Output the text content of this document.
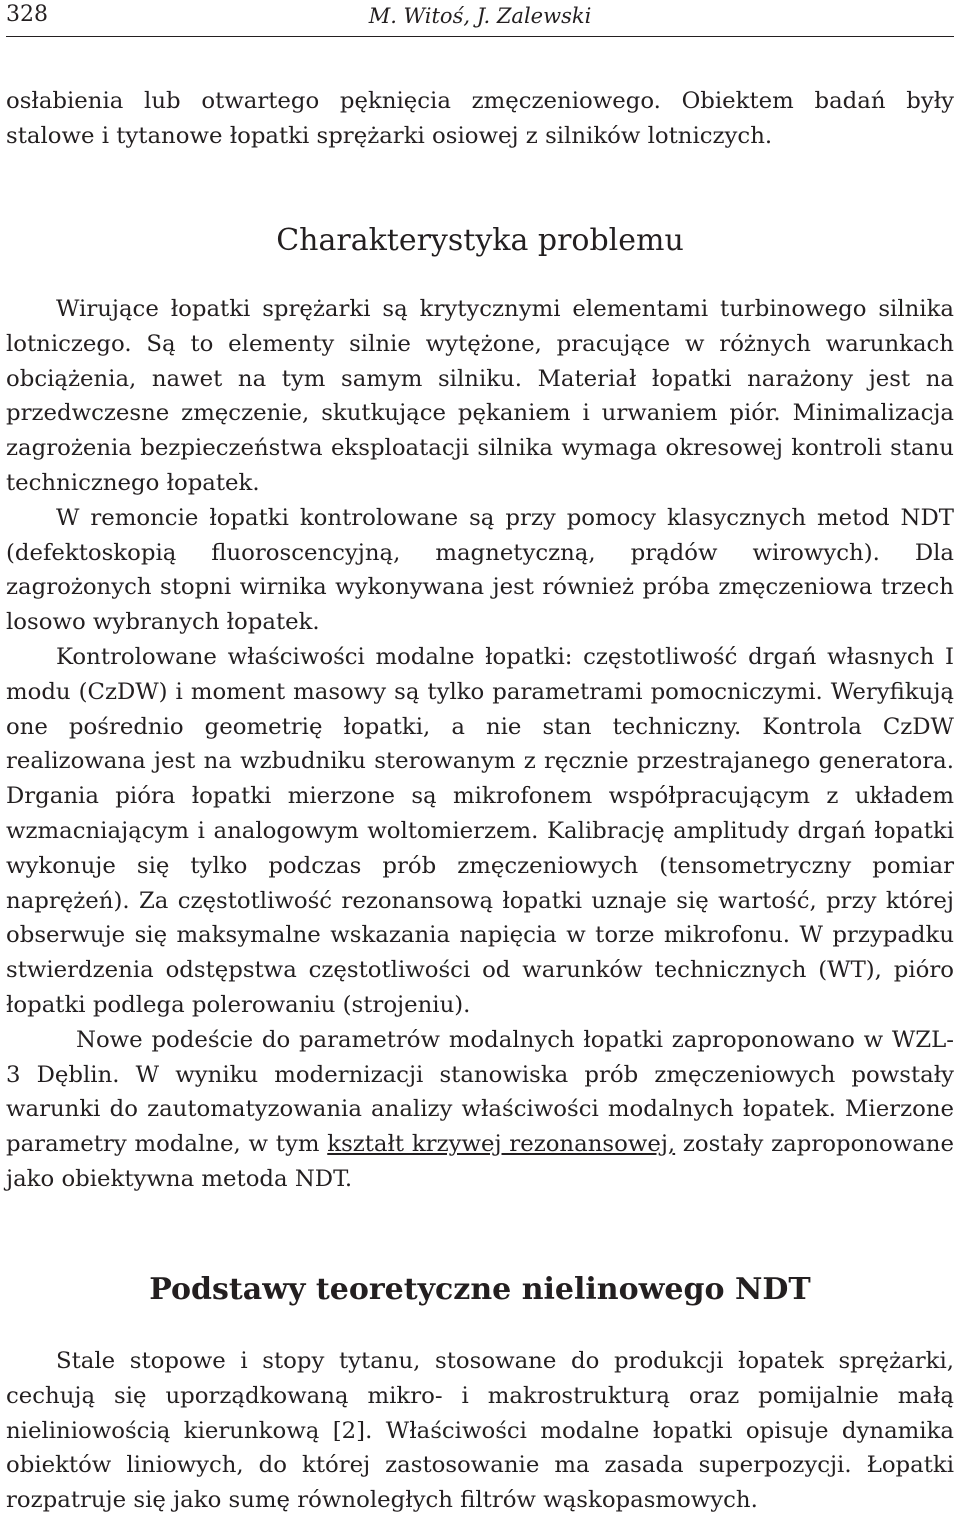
328	M. Witoś, J. Zalewski

osłabienia lub otwartego pęknięcia zmęczeniowego. Obiektem badań były stalowe i tytanowe łopatki sprężarki osiowej z silników lotniczych.

Charakterystyka problemu

Wirujące łopatki sprężarki są krytycznymi elementami turbinowego silnika lotniczego. Są to elementy silnie wytężone, pracujące w różnych warunkach obciążenia, nawet na tym samym silniku. Materiał łopatki narażony jest na przedwczesne zmęczenie, skutkujące pękaniem i urwaniem piór. Minimalizacja zagrożenia bezpieczeństwa eksploatacji silnika wymaga okresowej kontroli stanu technicznego łopatek.

W remoncie łopatki kontrolowane są przy pomocy klasycznych metod NDT (defektoskopią fluoroscencyjną, magnetyczną, prądów wirowych). Dla zagrożonych stopni wirnika wykonywana jest również próba zmęczeniowa trzech losowo wybranych łopatek.

Kontrolowane właściwości modalne łopatki: częstotliwość drgań własnych I modu (CzDW) i moment masowy są tylko parametrami pomocniczymi. Weryfikują one pośrednio geometrię łopatki, a nie stan techniczny. Kontrola CzDW realizowana jest na wzbudniku sterowanym z ręcznie przestrajanego generatora. Drgania pióra łopatki mierzone są mikrofonem współpracującym z układem wzmacniającym i analogowym woltomierzem. Kalibrację amplitudy drgań łopatki wykonuje się tylko podczas prób zmęczeniowych (tensometryczny pomiar naprężeń). Za częstotliwość rezonansową łopatki uznaje się wartość, przy której obserwuje się maksymalne wskazania napięcia w torze mikrofonu. W przypadku stwierdzenia odstępstwa częstotliwości od warunków technicznych (WT), pióro łopatki podlega polerowaniu (strojeniu).

Nowe podeście do parametrów modalnych łopatki zaproponowano w WZL-3 Dęblin. W wyniku modernizacji stanowiska prób zmęczeniowych powstały warunki do zautomatyzowania analizy właściwości modalnych łopatek. Mierzone parametry modalne, w tym kształt krzywej rezonansowej, zostały zaproponowane jako obiektywna metoda NDT.

Podstawy teoretyczne nielinowego NDT

Stale stopowe i stopy tytanu, stosowane do produkcji łopatek sprężarki, cechują się uporządkowaną mikro- i makrostrukturą oraz pomijalnie małą nieliniowością kierunkową [2]. Właściwości modalne łopatki opisuje dynamika obiektów liniowych, do której zastosowanie ma zasada superpozycji. Łopatki rozpatruje się jako sumę równoległych filtrów wąskopasmowych.
